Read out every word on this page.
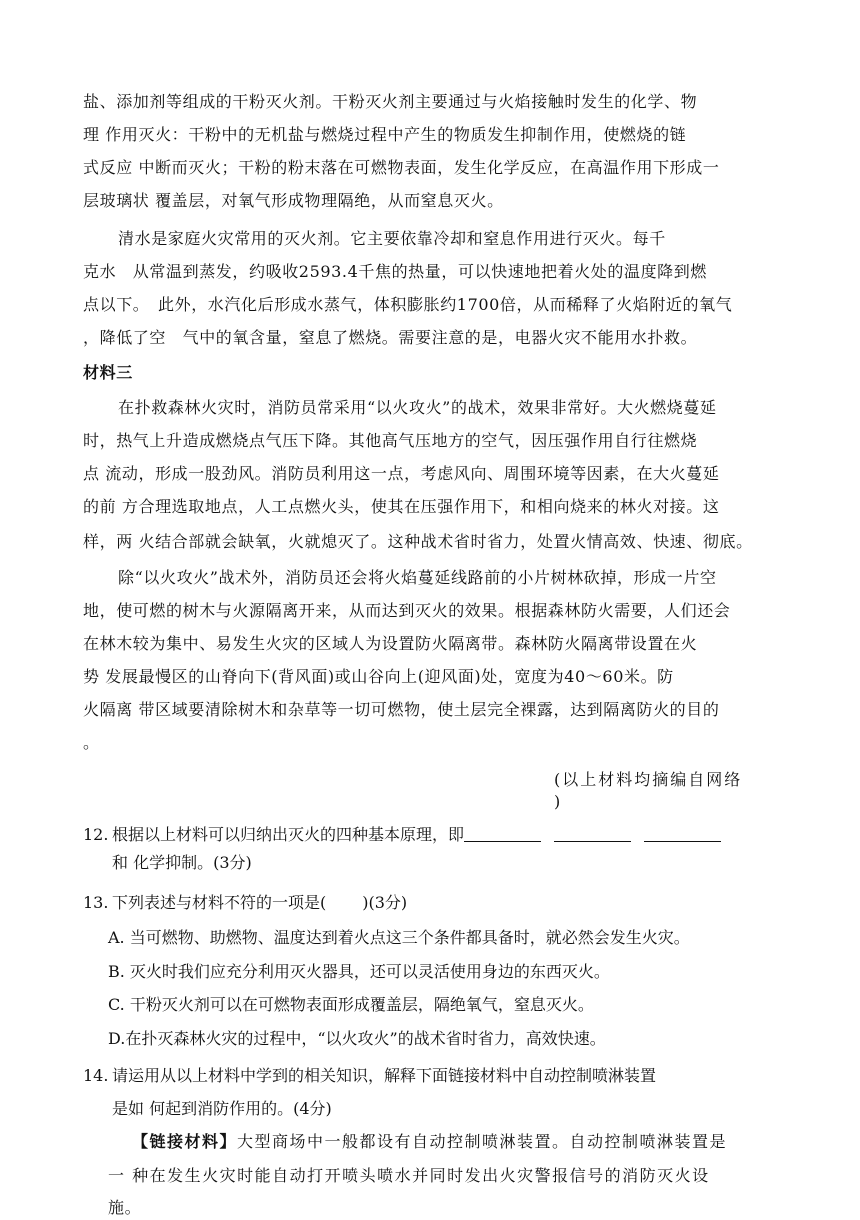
盐、添加剂等组成的干粉灭火剂。干粉灭火剂主要通过与火焰接触时发生的化学、物
理 作用灭火：干粉中的无机盐与燃烧过程中产生的物质发生抑制作用，使燃烧的链
式反应 中断而灭火；干粉的粉末落在可燃物表面，发生化学反应，在高温作用下形成一
层玻璃状 覆盖层，对氧气形成物理隔绝，从而窒息灭火。
清水是家庭火灾常用的灭火剂。它主要依靠冷却和窒息作用进行灭火。每千
克水　从常温到蒸发，约吸收2593.4千焦的热量，可以快速地把着火处的温度降到燃
点以下。　此外，水汽化后形成水蒸气，体积膨胀约1700倍，从而稀释了火焰附近的氧气
，降低了空　气中的氧含量，窒息了燃烧。需要注意的是，电器火灾不能用水扑救。
材料三
在扑救森林火灾时，消防员常采用“以火攻火”的战术，效果非常好。大火燃烧蔓延
时，热气上升造成燃烧点气压下降。其他高气压地方的空气，因压强作用自行往燃烧
点 流动，形成一股劲风。消防员利用这一点，考虑风向、周围环境等因素，在大火蔓延
的前 方合理选取地点，人工点燃火头，使其在压强作用下，和相向烧来的林火对接。这
样，两 火结合部就会缺氧，火就熄灭了。这种战术省时省力，处置火情高效、快速、彻底。
除“以火攻火”战术外，消防员还会将火焰蔓延线路前的小片树林砍掉，形成一片空
地，使可燃的树木与火源隔离开来，从而达到灭火的效果。根据森林防火需要，人们还会
在林木较为集中、易发生火灾的区域人为设置防火隔离带。森林防火隔离带设置在火
势 发展最慢区的山脊向下(背风面)或山谷向上(迎风面)处，宽度为40～60米。防
火隔离 带区域要清除树木和杂草等一切可燃物，使土层完全裸露，达到隔离防火的目的
。
(以上材料均摘编自网络
)
12. 根据以上材料可以归纳出灭火的四种基本原理，即
和 化学抑制。(3分)
13. 下列表述与材料不符的一项是( )(3分)
A. 当可燃物、助燃物、温度达到着火点这三个条件都具备时，就必然会发生火灾。
B. 灭火时我们应充分利用灭火器具，还可以灵活使用身边的东西灭火。
C. 干粉灭火剂可以在可燃物表面形成覆盖层，隔绝氧气，窒息灭火。
D.在扑灭森林火灾的过程中，“以火攻火”的战术省时省力，高效快速。
14. 请运用从以上材料中学到的相关知识，解释下面链接材料中自动控制喷淋装置
是如 何起到消防作用的。(4分)
【链接材料】大型商场中一般都设有自动控制喷淋装置。自动控制喷淋装置是
一 种在发生火灾时能自动打开喷头喷水并同时发出火灾警报信号的消防灭火设
施。
